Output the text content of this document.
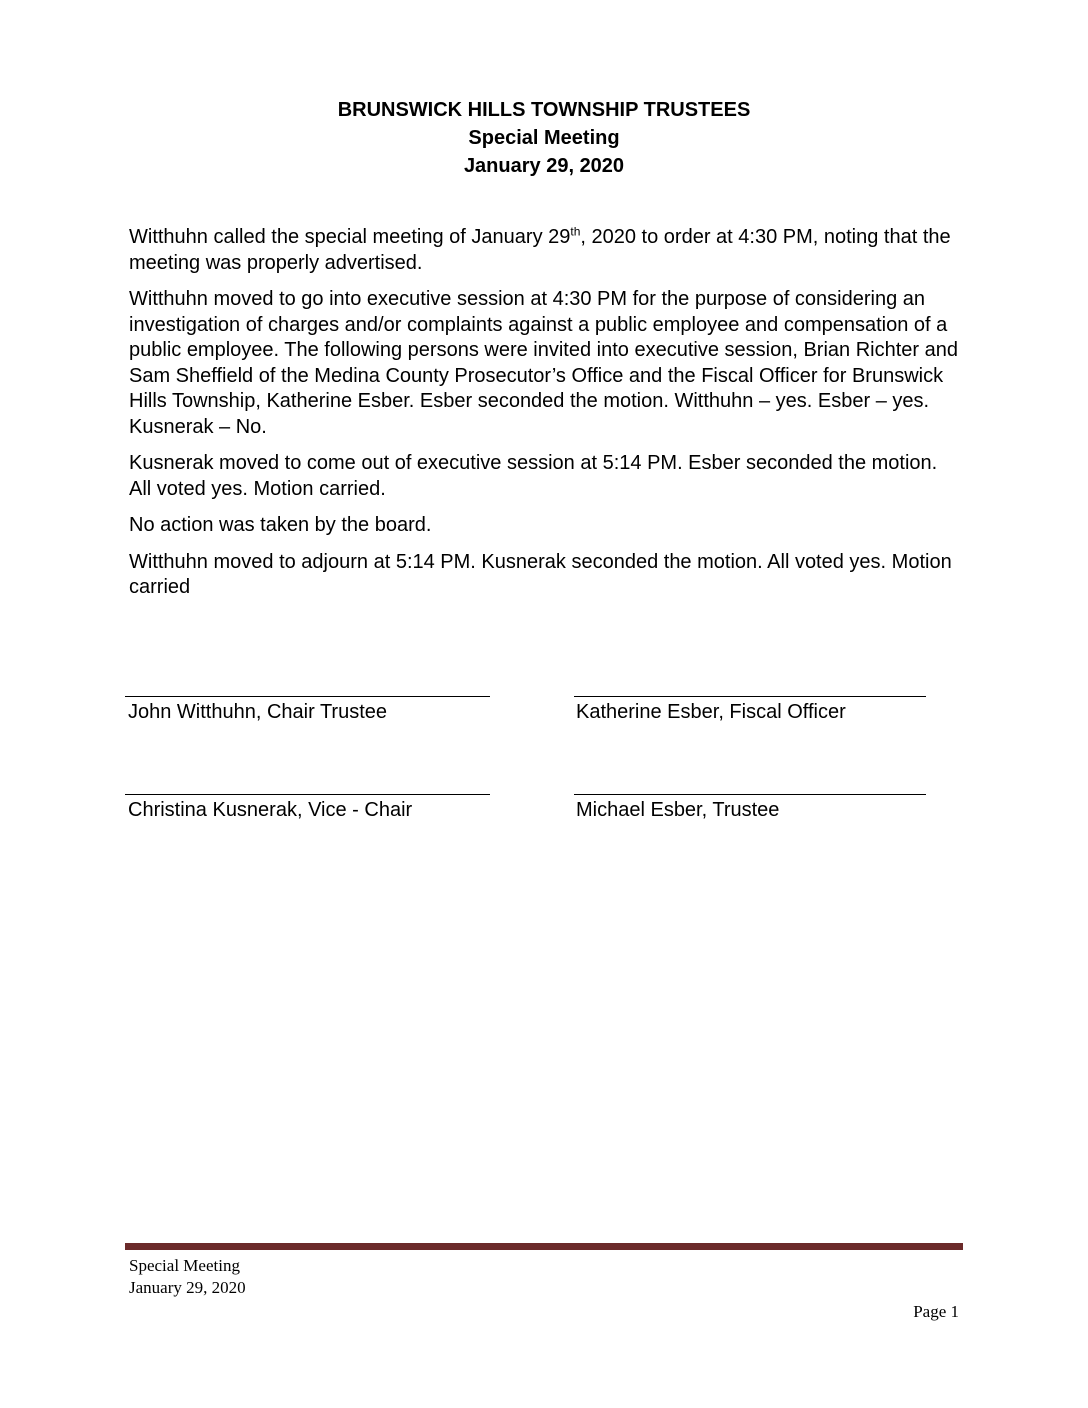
BRUNSWICK HILLS TOWNSHIP TRUSTEES
Special Meeting
January 29, 2020

Witthuhn called the special meeting of January 29th, 2020 to order at 4:30 PM, noting that the meeting was properly advertised.

Witthuhn moved to go into executive session at 4:30 PM for the purpose of considering an investigation of charges and/or complaints against a public employee and compensation of a public employee. The following persons were invited into executive session, Brian Richter and Sam Sheffield of the Medina County Prosecutor’s Office and the Fiscal Officer for Brunswick Hills Township, Katherine Esber. Esber seconded the motion. Witthuhn – yes. Esber – yes. Kusnerak – No.

Kusnerak moved to come out of executive session at 5:14 PM. Esber seconded the motion. All voted yes. Motion carried.

No action was taken by the board.

Witthuhn moved to adjourn at 5:14 PM. Kusnerak seconded the motion. All voted yes. Motion carried

John Witthuhn, Chair Trustee	Katherine Esber, Fiscal Officer
Christina Kusnerak, Vice - Chair	Michael Esber, Trustee
Special Meeting
January 29, 2020
Page 1
